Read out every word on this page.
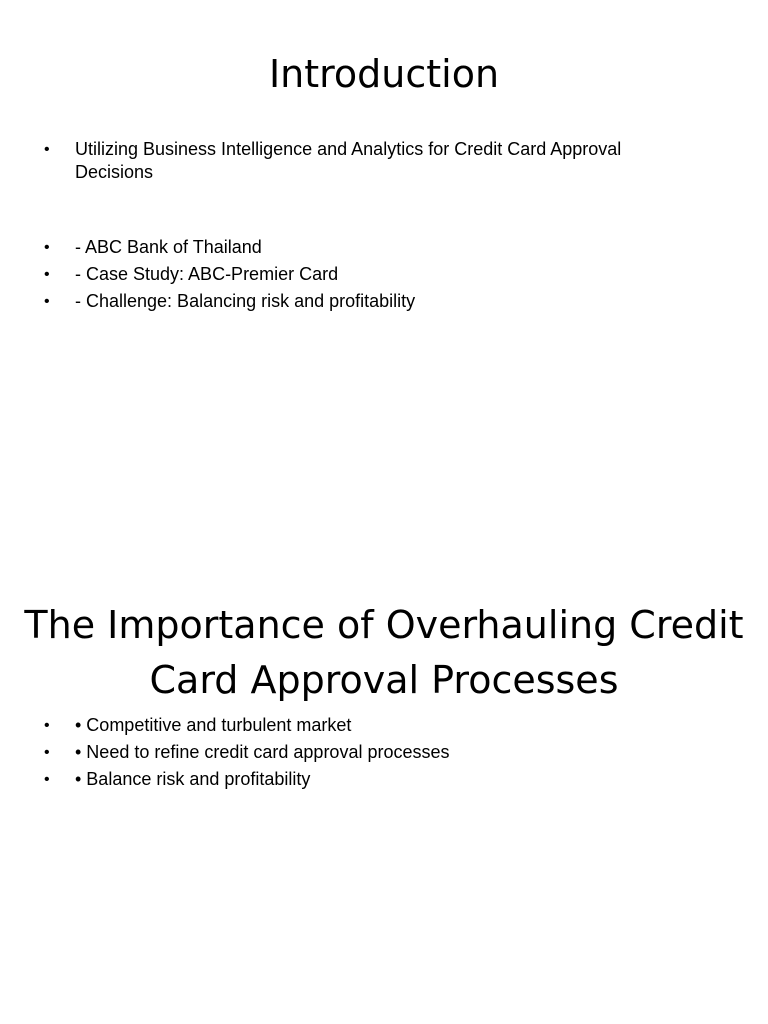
Introduction
• Utilizing Business Intelligence and Analytics for Credit Card Approval Decisions
• - ABC Bank of Thailand
• - Case Study: ABC-Premier Card
• - Challenge: Balancing risk and profitability
The Importance of Overhauling Credit Card Approval Processes
• • Competitive and turbulent market
• • Need to refine credit card approval processes
• • Balance risk and profitability
